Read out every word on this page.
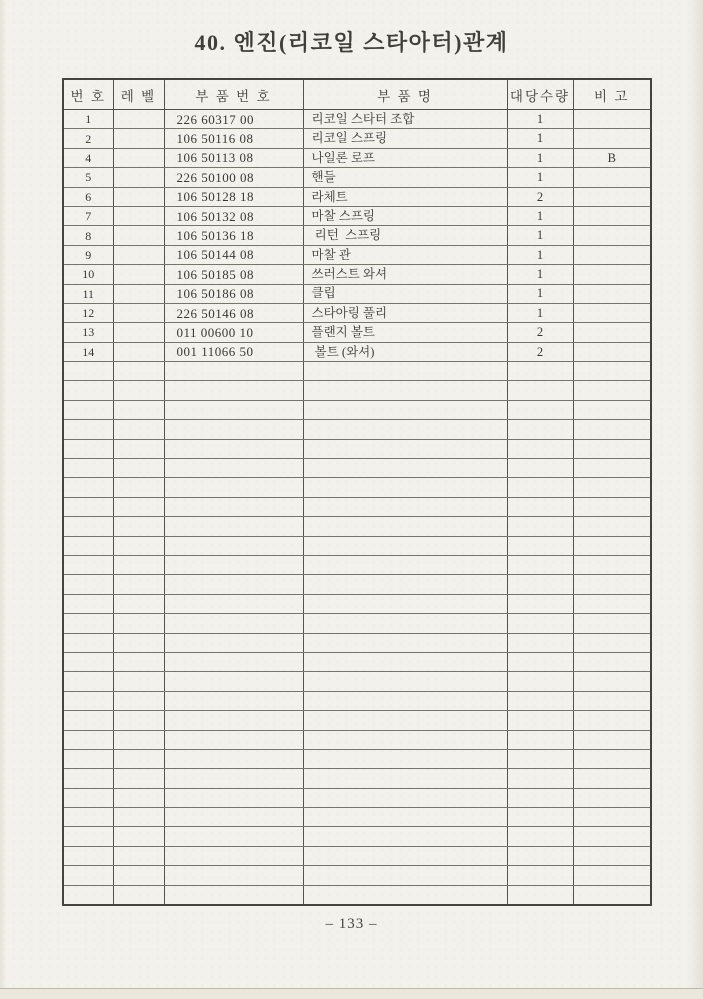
40. 엔진(리코일 스타아터)관계
번 호	레 벨	부 품 번 호	부 품 명	대당수량	비 고
1		226 60317 00	리코일 스타터 조합	1	
2		106 50116 08	리코일 스프링	1	
4		106 50113 08	나일론 로프	1	B
5		226 50100 08	핸들	1	
6		106 50128 18	라체트	2	
7		106 50132 08	마찰 스프링	1	
8		106 50136 18	리턴  스프링	1	
9		106 50144 08	마찰 관	1	
10		106 50185 08	쓰러스트 와셔	1	
11		106 50186 08	클립	1	
12		226 50146 08	스타아링 풀리	1	
13		011 00600 10	플랜지 볼트	2	
14		001 11066 50	볼트 (와셔)	2	

– 133 –
